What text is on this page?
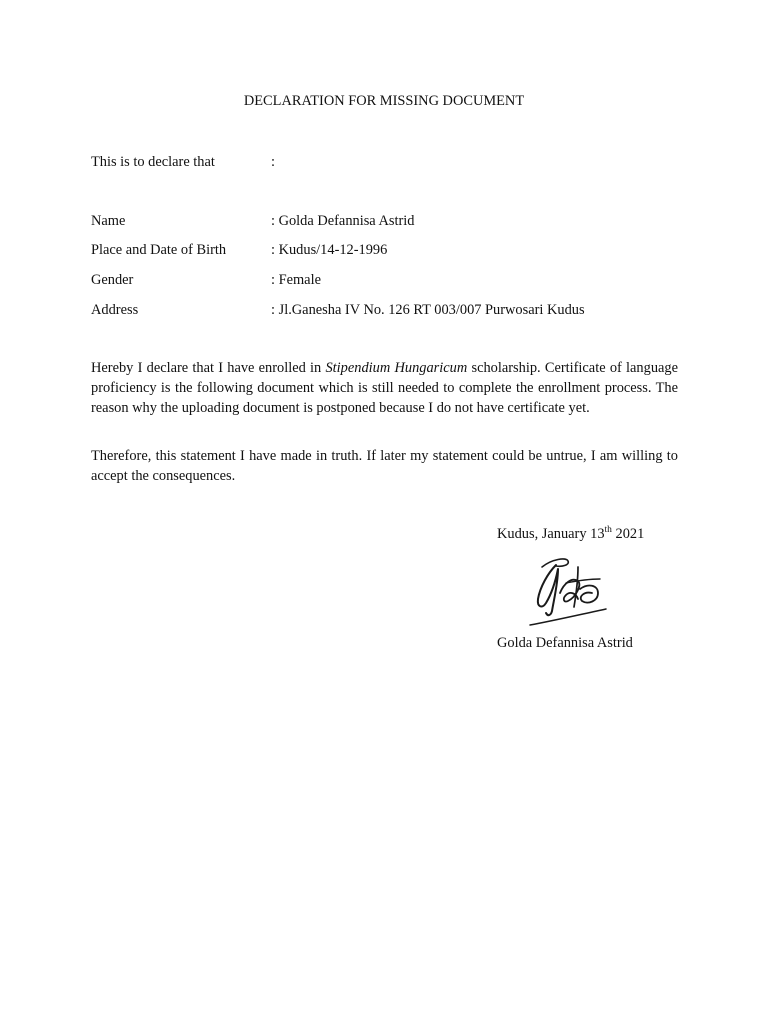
DECLARATION FOR MISSING DOCUMENT
This is to declare that	:
Name	: Golda Defannisa Astrid
Place and Date of Birth	: Kudus/14-12-1996
Gender	: Female
Address	: Jl.Ganesha IV No. 126 RT 003/007 Purwosari Kudus

Hereby I declare that I have enrolled in Stipendium Hungaricum scholarship. Certificate of language proficiency is the following document which is still needed to complete the enrollment process. The reason why the uploading document is postponed because I do not have certificate yet.

Therefore, this statement I have made in truth. If later my statement could be untrue, I am willing to accept the consequences.

Kudus, January 13th 2021
Golda Defannisa Astrid
